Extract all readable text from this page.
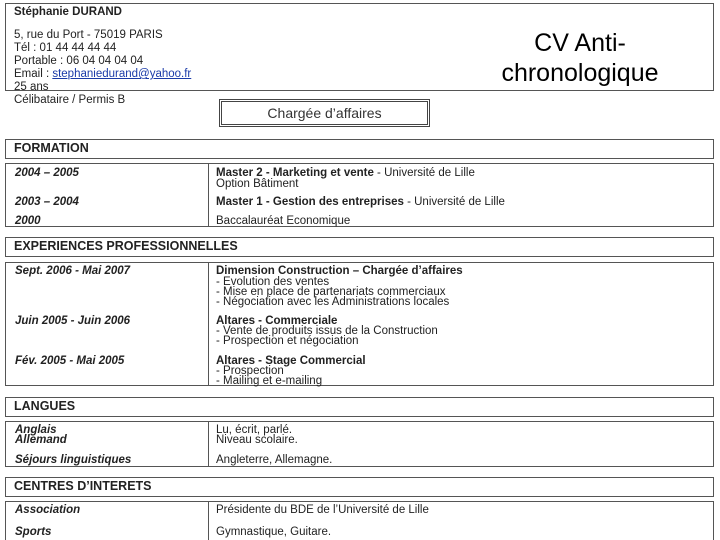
Stéphanie DURAND
5, rue du Port - 75019 PARIS
Tél : 01 44 44 44 44
Portable : 06 04 04 04 04
Email : stephaniedurand@yahoo.fr
25 ans
Célibataire / Permis B
CV Anti-chronologique
Chargée d’affaires
FORMATION
2004 – 2005	Master 2 - Marketing et vente - Université de Lille
Option Bâtiment
2003 – 2004	Master 1 - Gestion des entreprises - Université de Lille
2000	Baccalauréat Economique
EXPERIENCES PROFESSIONNELLES
Sept. 2006 - Mai 2007	Dimension Construction – Chargée d’affaires
- Evolution des ventes
- Mise en place de partenariats commerciaux
- Négociation avec les Administrations locales
Juin 2005 - Juin 2006	Altares - Commerciale
- Vente de produits issus de la Construction
- Prospection et négociation
Fév. 2005 - Mai 2005	Altares - Stage Commercial
- Prospection
- Mailing et e-mailing
LANGUES
Anglais	Lu, écrit, parlé.
Allemand	Niveau scolaire.
Séjours linguistiques	Angleterre, Allemagne.
CENTRES D’INTERETS
Association	Présidente du BDE de l’Université de Lille
Sports	Gymnastique, Guitare.
